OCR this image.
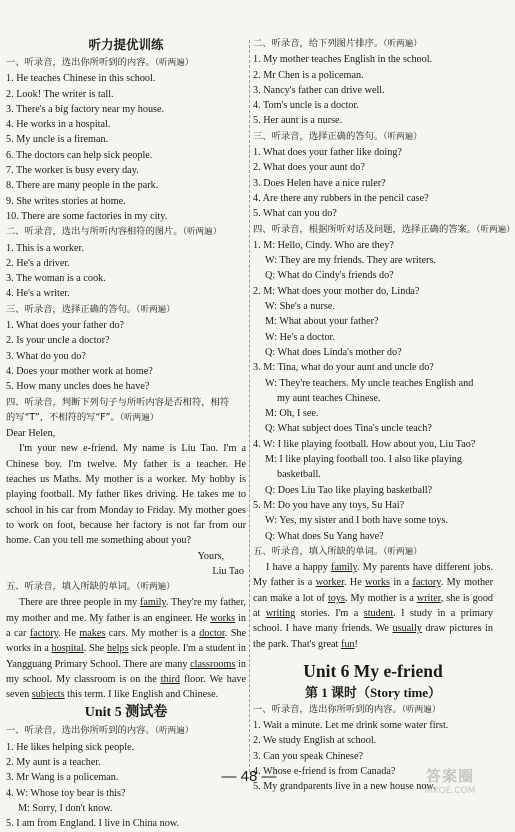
听力提优训练
一、听录音，选出你所听到的内容。（听两遍）
1. He teaches Chinese in this school.
2. Look! The writer is tall.
3. There's a big factory near my house.
4. He works in a hospital.
5. My uncle is a fireman.
6. The doctors can help sick people.
7. The worker is busy every day.
8. There are many people in the park.
9. She writes stories at home.
10. There are some factories in my city.
二、听录音，选出与所听内容相符的图片。（听两遍）
1. This is a worker.
2. He's a driver.
3. The woman is a cook.
4. He's a writer.
三、听录音，选择正确的答句。（听两遍）
1. What does your father do?
2. Is your uncle a doctor?
3. What do you do?
4. Does your mother work at home?
5. How many uncles does he have?
四、听录音，判断下列句子与所听内容是否相符，相符
的写“T”，不相符的写“F”。（听两遍）
Dear Helen,

I'm your new e-friend. My name is Liu Tao. I'm a Chinese boy. I'm twelve. My father is a teacher. He teaches us Maths. My mother is a worker. My hobby is playing football. My father likes driving. He takes me to school in his car from Monday to Friday. My mother goes to work on foot, because her factory is not far from our home. Can you tell me something about you?

Yours,
Liu Tao
五、听录音，填入所缺的单词。（听两遍）

There are three people in my family. They're my father, my mother and me. My father is an engineer. He works in a car factory. He makes cars. My mother is a doctor. She works in a hospital. She helps sick people. I'm a student in Yangguang Primary School. There are many classrooms in my school. My classroom is on the third floor. We have seven subjects this term. I like English and Chinese.

Unit 5 测试卷
一、听录音，选出你所听到的内容。（听两遍）
1. He likes helping sick people.
2. My aunt is a teacher.
3. Mr Wang is a policeman.
4. W: Whose toy bear is this?
M: Sorry, I don't know.
5. I am from England. I live in China now.
二、听录音，给下列图片排序。（听两遍）
1. My mother teaches English in the school.
2. Mr Chen is a policeman.
3. Nancy's father can drive well.
4. Tom's uncle is a doctor.
5. Her aunt is a nurse.
三、听录音，选择正确的答句。（听两遍）
1. What does your father like doing?
2. What does your aunt do?
3. Does Helen have a nice ruler?
4. Are there any rubbers in the pencil case?
5. What can you do?
四、听录音，根据所听对话及问题，选择正确的答案。（听两遍）
1. M: Hello, Cindy. Who are they?
W: They are my friends. They are writers.
Q: What do Cindy's friends do?
2. M: What does your mother do, Linda?
W: She's a nurse.
M: What about your father?
W: He's a doctor.
Q: What does Linda's mother do?
3. M: Tina, what do your aunt and uncle do?
W: They're teachers. My uncle teaches English and
my aunt teaches Chinese.
M: Oh, I see.
Q: What subject does Tina's uncle teach?
4. W: I like playing football. How about you, Liu Tao?
M: I like playing football too. I also like playing
basketball.
Q: Does Liu Tao like playing basketball?
5. M: Do you have any toys, Su Hai?
W: Yes, my sister and I both have some toys.
Q: What does Su Yang have?
五、听录音，填入所缺的单词。（听两遍）

I have a happy family. My parents have different jobs. My father is a worker. He works in a factory. My mother can make a lot of toys. My mother is a writer, she is good at writing stories. I'm a student. I study in a primary school. I have many friends. We usually draw pictures in the park. That's great fun!

Unit 6 My e-friend
第 1 课时（Story time）
一、听录音，选出你所听到的内容。（听两遍）
1. Wait a minute. Let me drink some water first.
2. We study English at school.
3. Can you speak Chinese?
4. Whose e-friend is from Canada?
5. My grandparents live in a new house now.
— 48 —	答案圈
MXQE.COM
